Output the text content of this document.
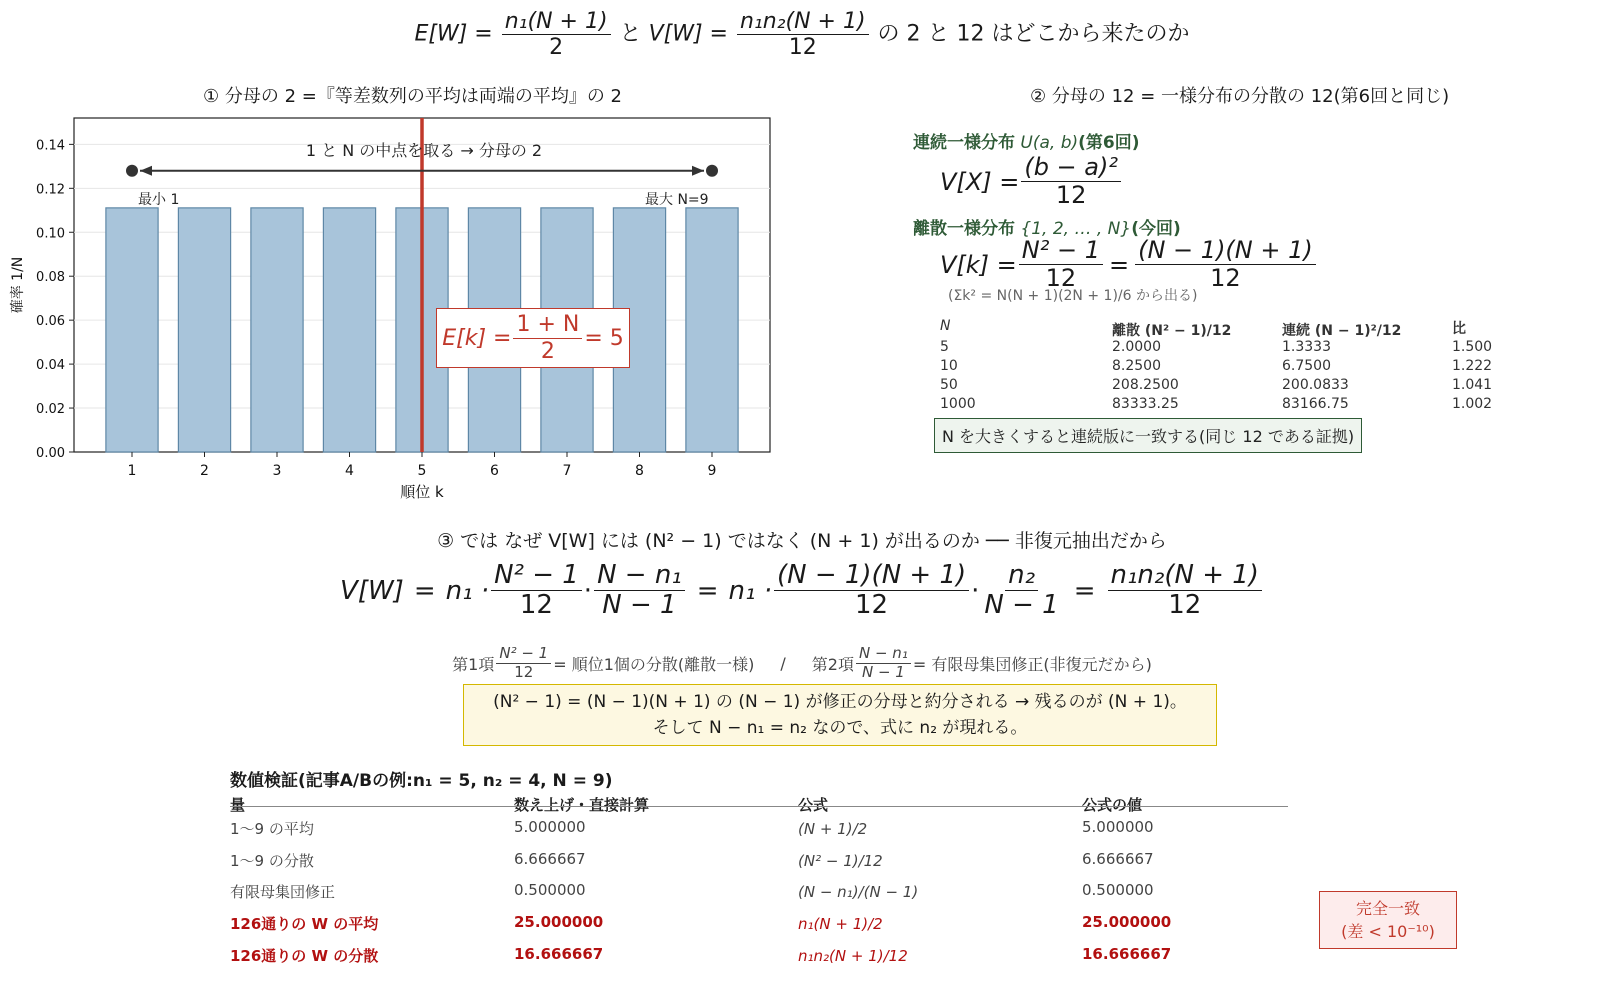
$E[W] = \frac{\text{n₁(N + 1)}}{2}$ と $V[W] = \frac{\text{n₁n₂(N + 1)}}{12}$ の 2 と 12 はどこから来たのか
① 分母の 2 =『等差数列の平均は両端の平均』の 2
0.00
0.02
0.04
0.06
0.08
0.10
0.12
0.14
1	2	3	4	5	6	7	8	9
順位 k
確率 1/N
1 と N の中点を取る → 分母の 2
最小 1	最大 N=9
$E[k] = \frac{1 + N}{2} = 5$
② 分母の 12 = 一様分布の分散の 12(第6回と同じ)
連続一様分布 U(a, b)(第6回)
$V[X] = \frac{\text{(b − a)²}}{12}$
離散一様分布 {1, 2, … , N}(今回)
$V[k] = \frac{\text{N² − 1}}{12} = \frac{(N - 1)(N + 1)}{12}$
(Σk² = N(N + 1)(2N + 1)/6 から出る)
N	離散 (N² − 1)/12	連続 (N − 1)²/12	比
5	2.0000	1.3333	1.500
10	8.2500	6.7500	1.222
50	208.2500	200.0833	1.041
1000	83333.25	83166.75	1.002
N を大きくすると連続版に一致する(同じ 12 である証拠)
③ では なぜ V[W] には (N² − 1) ではなく (N + 1) が出るのか ── 非復元抽出だから
$V[W] = n_1 \cdot \frac{\text{N² − 1}}{12} \cdot \frac{\text{N − n₁}}{N - 1} = n_1 \cdot \frac{(N - 1)(N + 1)}{12} \cdot \frac{\text{n₂}}{N - 1} = \frac{\text{n₁n₂(N + 1)}}{12}$
第1項 $\frac{\text{N² − 1}}{12}$ = 順位1個の分散(離散一様) / 第2項 $\frac{\text{N − n₁}}{N - 1}$ = 有限母集団修正(非復元だから)
(N² − 1) = (N − 1)(N + 1) の (N − 1) が修正の分母と約分される → 残るのが (N + 1)。
そして N − n₁ = n₂ なので、式に n₂ が現れる。
数値検証(記事A/Bの例:n₁ = 5, n₂ = 4, N = 9)
量	数え上げ・直接計算	公式	公式の値
1〜9 の平均	5.000000	(N + 1)/2	5.000000
1〜9 の分散	6.666667	(N² − 1)/12	6.666667
有限母集団修正	0.500000	(N − n₁)/(N − 1)	0.500000
126通りの W の平均	25.000000	n₁(N + 1)/2	25.000000
126通りの W の分散	16.666667	n₁n₂(N + 1)/12	16.666667
完全一致
(差 < 10⁻¹⁰)
